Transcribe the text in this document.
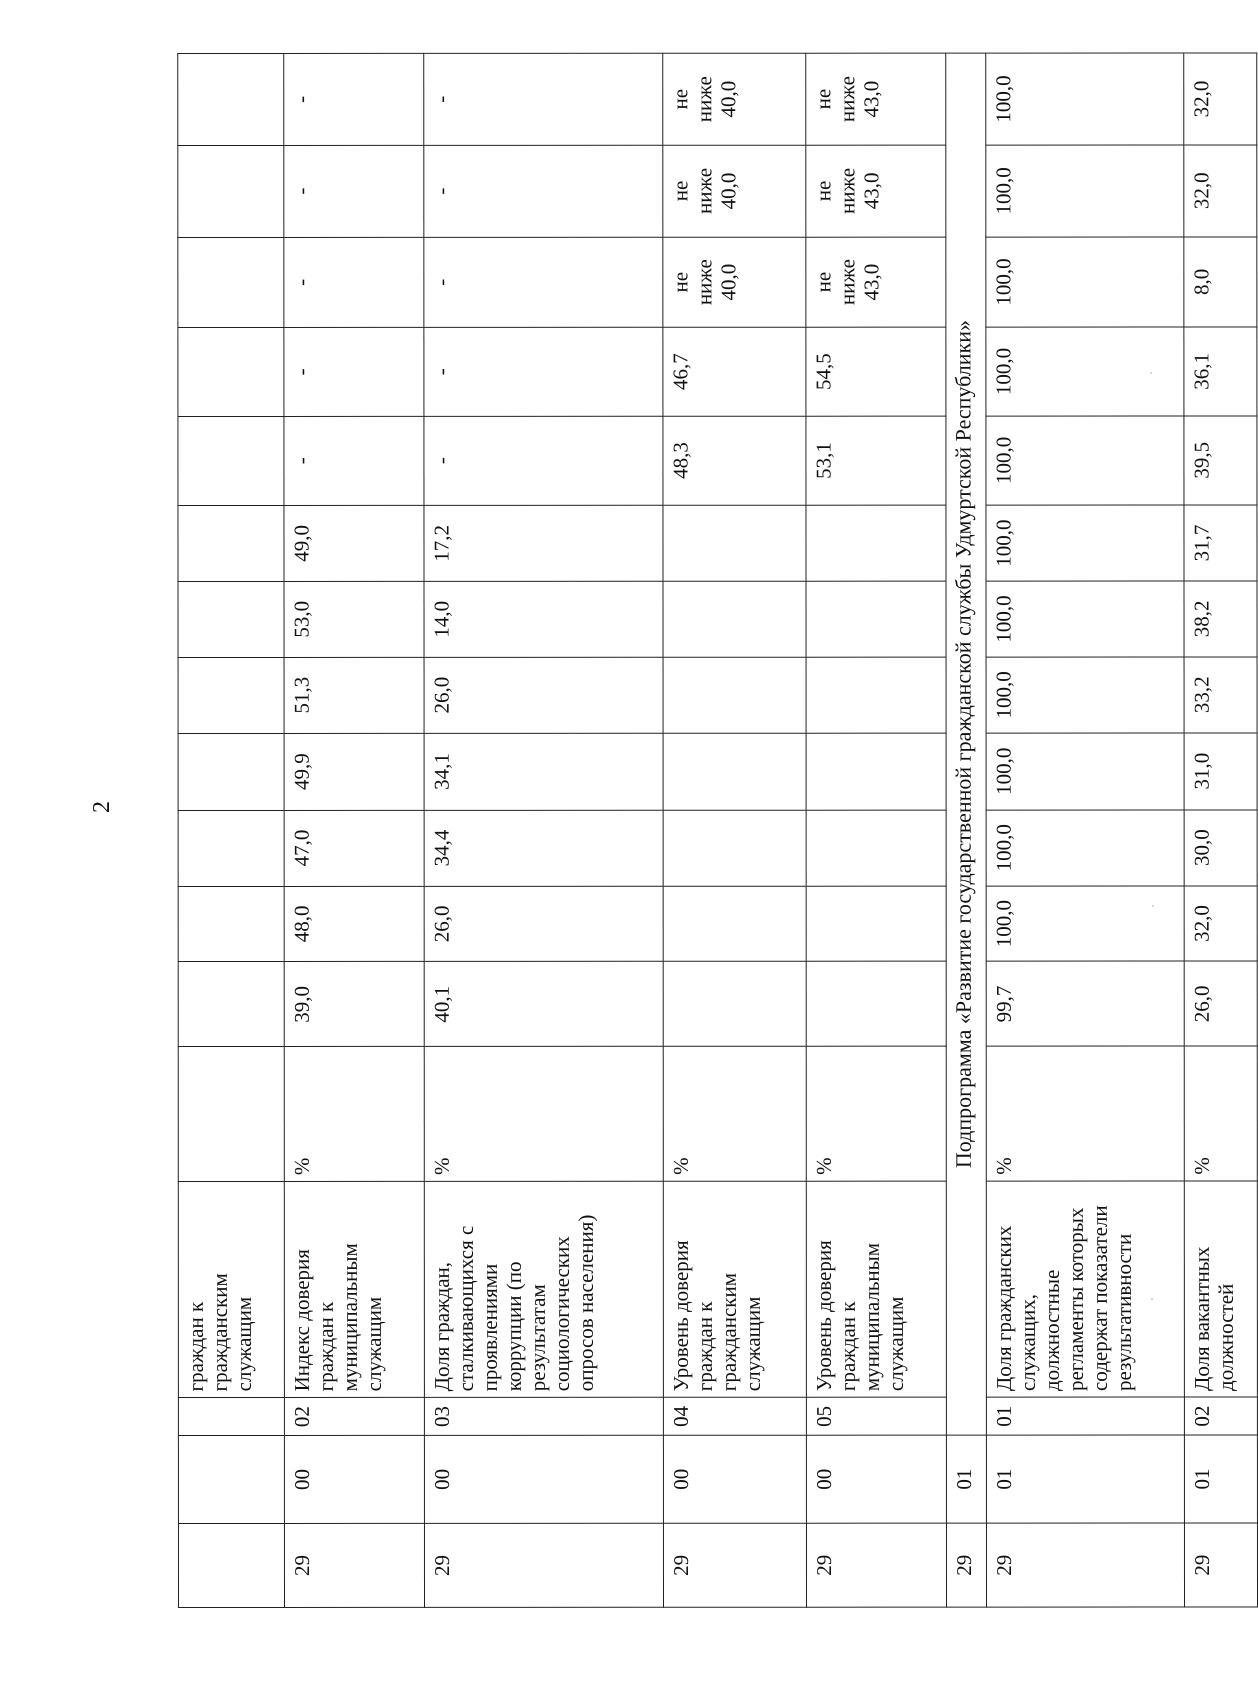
2
			граждан к гражданским служащим													
29	00	02	Индекс доверия граждан к муниципальным служащим	%	39,0	48,0	47,0	49,9	51,3	53,0	49,0	-	-	-	-	-
29	00	03	Доля граждан, сталкивающихся с проявлениями коррупции (по результатам социологических опросов населения)	%	40,1	26,0	34,4	34,1	26,0	14,0	17,2	-	-	-	-	-
29	00	04	Уровень доверия граждан к гражданским служащим	%								48,3	46,7	не ниже 40,0	не ниже 40,0	не ниже 40,0

29	00	05	Уровень доверия граждан к муниципальным служащим	%								53,1	54,5	не ниже 43,0	не ниже 43,0	не ниже 43,0

29	01	Подпрограмма «Развитие государственной гражданской службы Удмуртской Республики»														
29	01	01	Доля гражданских служащих, должностные регламенты которых содержат показатели результативности	%	99,7	100,0	100,0	100,0	100,0	100,0	100,0	100,0	100,0	100,0	100,0	100,0
29	01	02	Доля вакантных должностей	%	26,0	32,0	30,0	31,0	33,2	38,2	31,7	39,5	36,1	8,0	32,0	32,0
